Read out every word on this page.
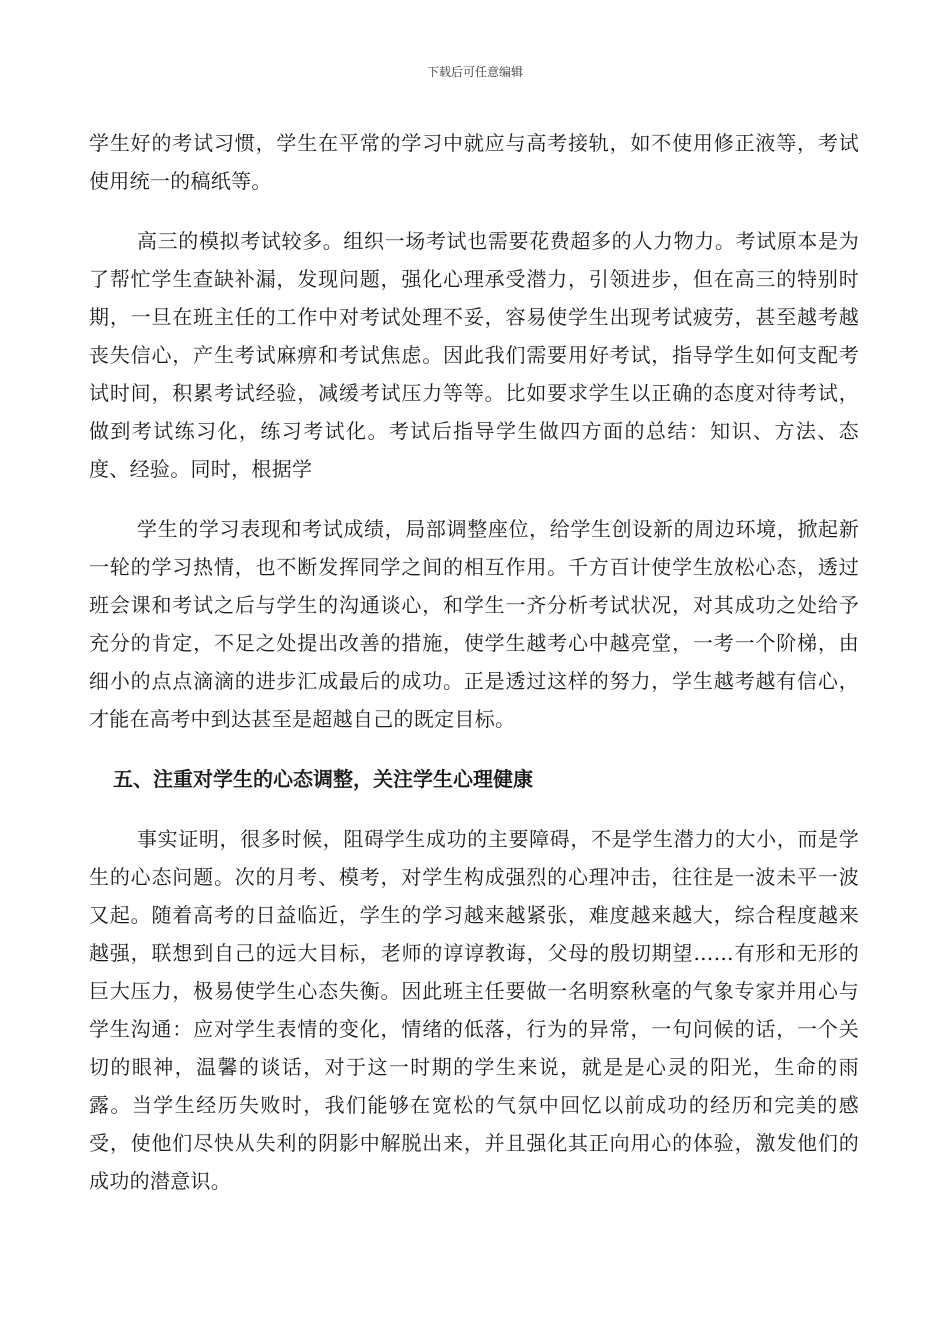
下载后可任意编辑

学生好的考试习惯，学生在平常的学习中就应与高考接轨，如不使用修正液等，考试使用统一的稿纸等。

高三的模拟考试较多。组织一场考试也需要花费超多的人力物力。考试原本是为了帮忙学生查缺补漏，发现问题，强化心理承受潜力，引领进步，但在高三的特别时期，一旦在班主任的工作中对考试处理不妥，容易使学生出现考试疲劳，甚至越考越丧失信心，产生考试麻痹和考试焦虑。因此我们需要用好考试，指导学生如何支配考试时间，积累考试经验，减缓考试压力等等。比如要求学生以正确的态度对待考试，做到考试练习化，练习考试化。考试后指导学生做四方面的总结：知识、方法、态度、经验。同时，根据学

学生的学习表现和考试成绩，局部调整座位，给学生创设新的周边环境，掀起新一轮的学习热情，也不断发挥同学之间的相互作用。千方百计使学生放松心态，透过班会课和考试之后与学生的沟通谈心，和学生一齐分析考试状况，对其成功之处给予充分的肯定，不足之处提出改善的措施，使学生越考心中越亮堂，一考一个阶梯，由细小的点点滴滴的进步汇成最后的成功。正是透过这样的努力，学生越考越有信心，才能在高考中到达甚至是超越自己的既定目标。

五、注重对学生的心态调整，关注学生心理健康

事实证明，很多时候，阻碍学生成功的主要障碍，不是学生潜力的大小，而是学生的心态问题。次的月考、模考，对学生构成强烈的心理冲击，往往是一波未平一波又起。随着高考的日益临近，学生的学习越来越紧张，难度越来越大，综合程度越来越强，联想到自己的远大目标，老师的谆谆教诲，父母的殷切期望……有形和无形的巨大压力，极易使学生心态失衡。因此班主任要做一名明察秋毫的气象专家并用心与学生沟通：应对学生表情的变化，情绪的低落，行为的异常，一句问候的话，一个关切的眼神，温馨的谈话，对于这一时期的学生来说，就是是心灵的阳光，生命的雨露。当学生经历失败时，我们能够在宽松的气氛中回忆以前成功的经历和完美的感受，使他们尽快从失利的阴影中解脱出来，并且强化其正向用心的体验，激发他们的成功的潜意识。
